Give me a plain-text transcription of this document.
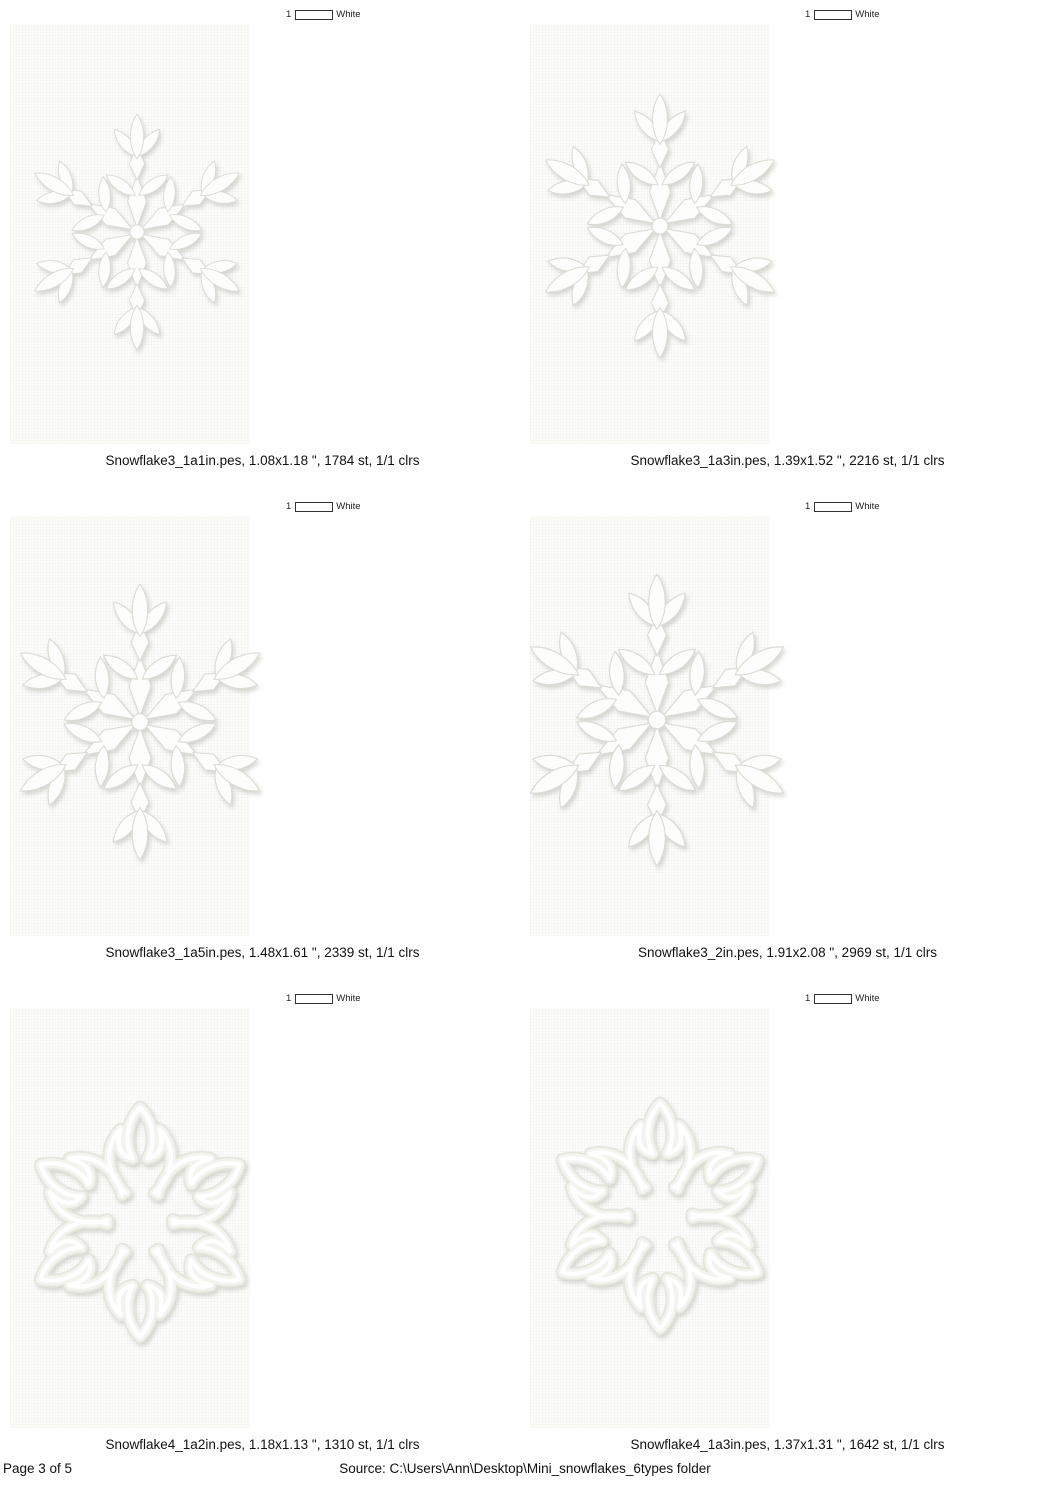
1	White
Snowflake3_1a1in.pes, 1.08x1.18 ", 1784 st, 1/1 clrs
1	White
Snowflake3_1a3in.pes, 1.39x1.52 ", 2216 st, 1/1 clrs
1	White
Snowflake3_1a5in.pes, 1.48x1.61 ", 2339 st, 1/1 clrs
1	White
Snowflake3_2in.pes, 1.91x2.08 ", 2969 st, 1/1 clrs
1	White
Snowflake4_1a2in.pes, 1.18x1.13 ", 1310 st, 1/1 clrs
1	White
Snowflake4_1a3in.pes, 1.37x1.31 ", 1642 st, 1/1 clrs
Page 3 of 5	Source: C:\Users\Ann\Desktop\Mini_snowflakes_6types folder
